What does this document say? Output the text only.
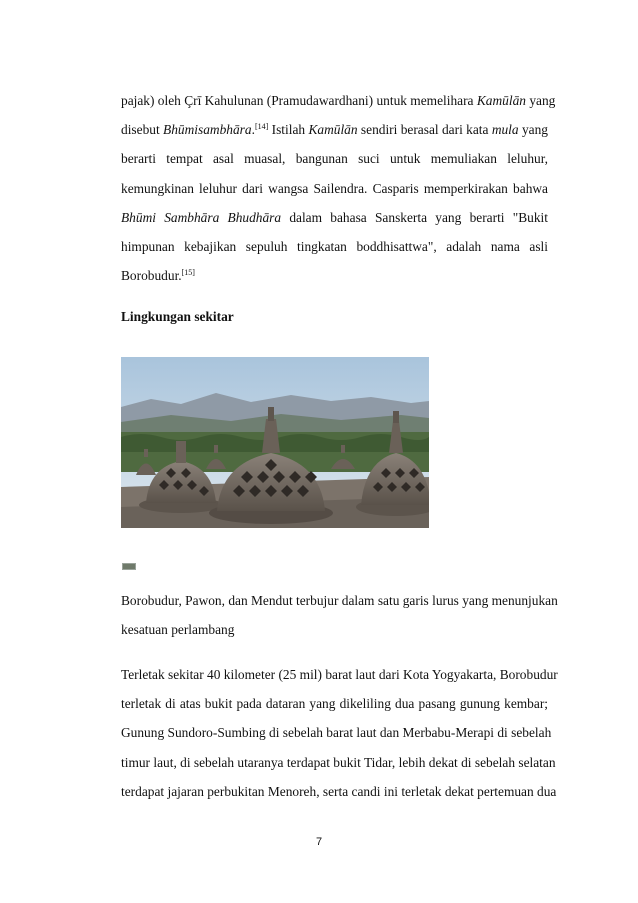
pajak) oleh Çrī Kahulunan (Pramudawardhani) untuk memelihara Kamūlān yang
disebut Bhūmisambhāra.[14] Istilah Kamūlān sendiri berasal dari kata mula yang
berarti tempat asal muasal, bangunan suci untuk memuliakan leluhur,
kemungkinan leluhur dari wangsa Sailendra. Casparis memperkirakan bahwa
Bhūmi Sambhāra Bhudhāra dalam bahasa Sanskerta yang berarti "Bukit
himpunan kebajikan sepuluh tingkatan boddhisattwa", adalah nama asli
Borobudur.[15]
Lingkungan sekitar
Borobudur, Pawon, dan Mendut terbujur dalam satu garis lurus yang menunjukan
kesatuan perlambang
Terletak sekitar 40 kilometer (25 mil) barat laut dari Kota Yogyakarta, Borobudur
terletak di atas bukit pada dataran yang dikeliling dua pasang gunung kembar;
Gunung Sundoro-Sumbing di sebelah barat laut dan Merbabu-Merapi di sebelah
timur laut, di sebelah utaranya terdapat bukit Tidar, lebih dekat di sebelah selatan
terdapat jajaran perbukitan Menoreh, serta candi ini terletak dekat pertemuan dua
7
